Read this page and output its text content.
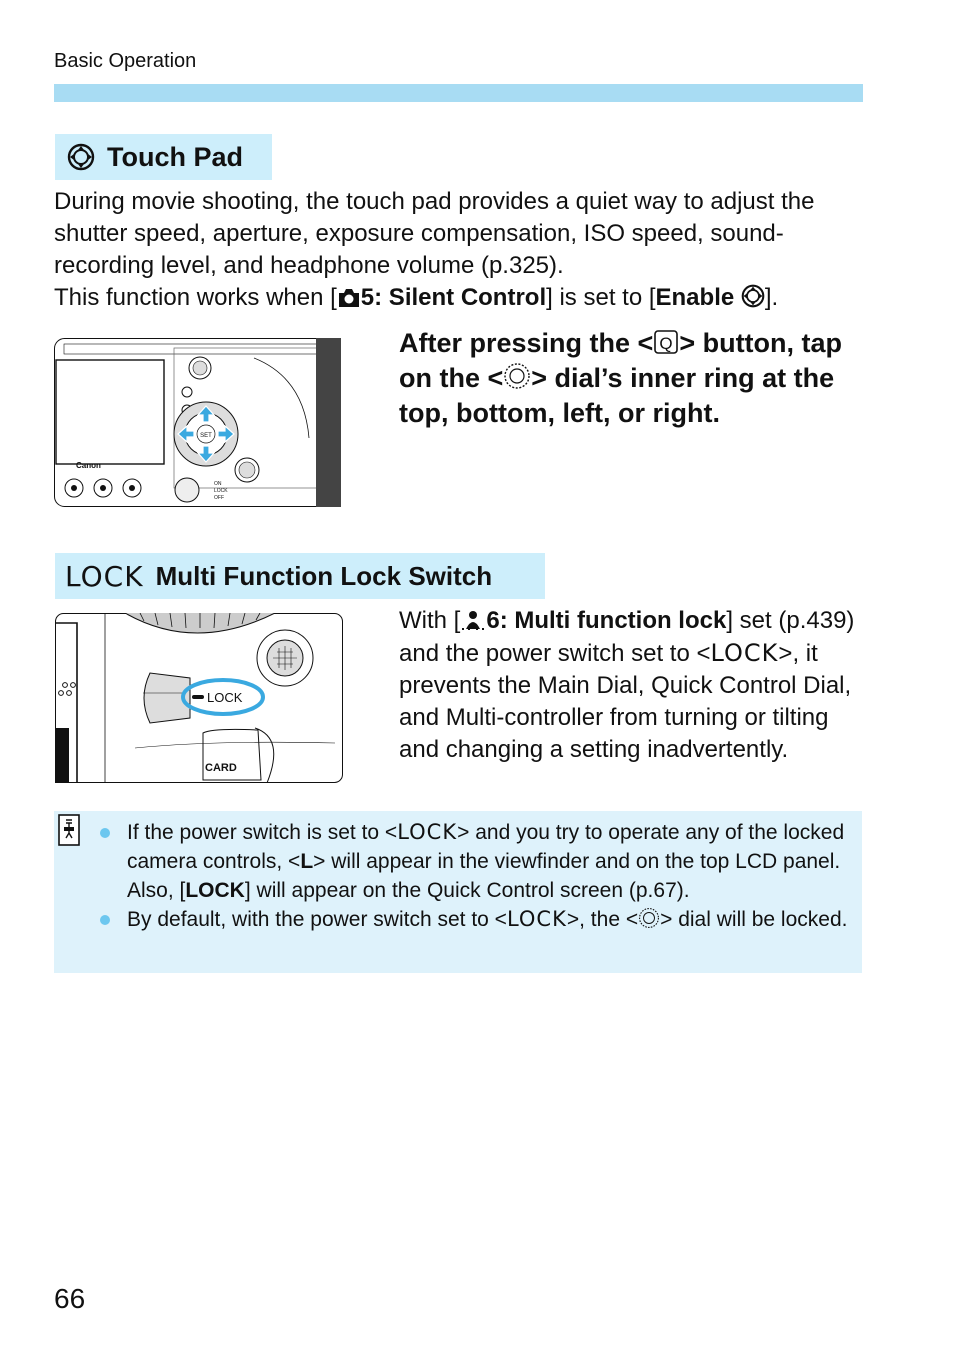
Basic Operation
Touch Pad
During movie shooting, the touch pad provides a quiet way to adjust the shutter speed, aperture, exposure compensation, ISO speed, sound-recording level, and headphone volume (p.325).
This function works when [ 5: Silent Control] is set to [Enable ].
SET
Canon
ON
LOCK
OFF
After pressing the < Q > button, tap on the < > dial’s inner ring at the top, bottom, left, or right.
LOCK Multi Function Lock Switch
LOCK
CARD
With [ 6: Multi function lock] set (p.439) and the power switch set to <LOCK>, it prevents the Main Dial, Quick Control Dial, and Multi-controller from turning or tilting and changing a setting inadvertently.
If the power switch is set to <LOCK> and you try to operate any of the locked camera controls, <L> will appear in the viewfinder and on the top LCD panel. Also, [LOCK] will appear on the Quick Control screen (p.67).
By default, with the power switch set to <LOCK>, the < > dial will be locked.
66
